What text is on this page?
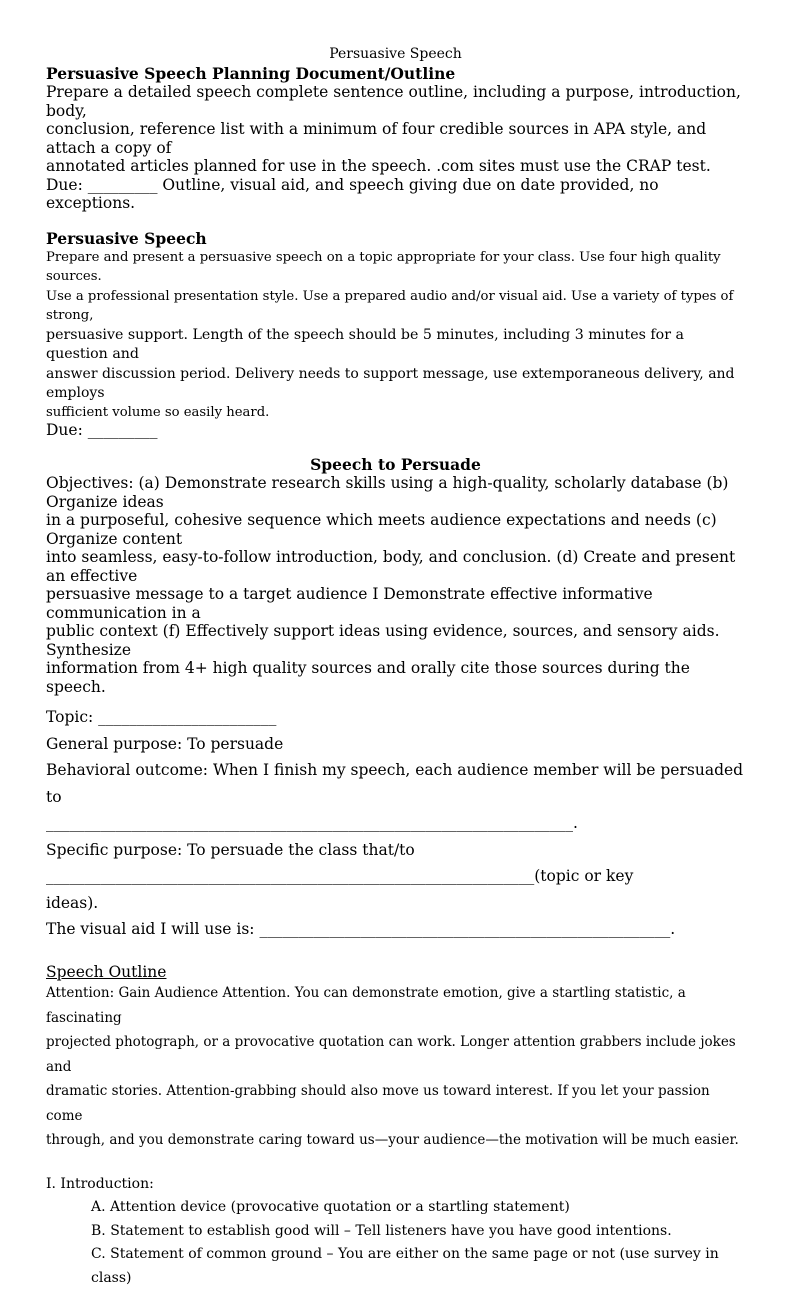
Persuasive Speech
Persuasive Speech Planning Document/Outline
Prepare a detailed speech complete sentence outline, including a purpose, introduction, body,
conclusion, reference list with a minimum of four credible sources in APA style, and attach a copy of
annotated articles planned for use in the speech. .com sites must use the CRAP test.
Due: _________ Outline, visual aid, and speech giving due on date provided, no exceptions.
Persuasive Speech
Prepare and present a persuasive speech on a topic appropriate for your class. Use four high quality sources.
Use a professional presentation style. Use a prepared audio and/or visual aid. Use a variety of types of strong,
persuasive support. Length of the speech should be 5 minutes, including 3 minutes for a question and
answer discussion period. Delivery needs to support message, use extemporaneous delivery, and employs
sufficient volume so easily heard.
Due: _________
Speech to Persuade
Objectives: (a) Demonstrate research skills using a high-quality, scholarly database (b) Organize ideas
in a purposeful, cohesive sequence which meets audience expectations and needs (c) Organize content
into seamless, easy-to-follow introduction, body, and conclusion. (d) Create and present an effective
persuasive message to a target audience I Demonstrate effective informative communication in a
public context (f) Effectively support ideas using evidence, sources, and sensory aids. Synthesize
information from 4+ high quality sources and orally cite those sources during the speech.
Topic: _______________________
General purpose: To persuade
Behavioral outcome: When I finish my speech, each audience member will be persuaded to
____________________________________________________________________.
Specific purpose: To persuade the class that/to
_______________________________________________________________(topic or key
ideas).
The visual aid I will use is: _____________________________________________________.
Speech Outline
Attention: Gain Audience Attention. You can demonstrate emotion, give a startling statistic, a fascinating
projected photograph, or a provocative quotation can work. Longer attention grabbers include jokes and
dramatic stories. Attention-grabbing should also move us toward interest. If you let your passion come
through, and you demonstrate caring toward us—your audience—the motivation will be much easier.
I. Introduction:
A. Attention device (provocative quotation or a startling statement)
B. Statement to establish good will – Tell listeners have you have good intentions.
C. Statement of common ground – You are either on the same page or not (use survey in class)
